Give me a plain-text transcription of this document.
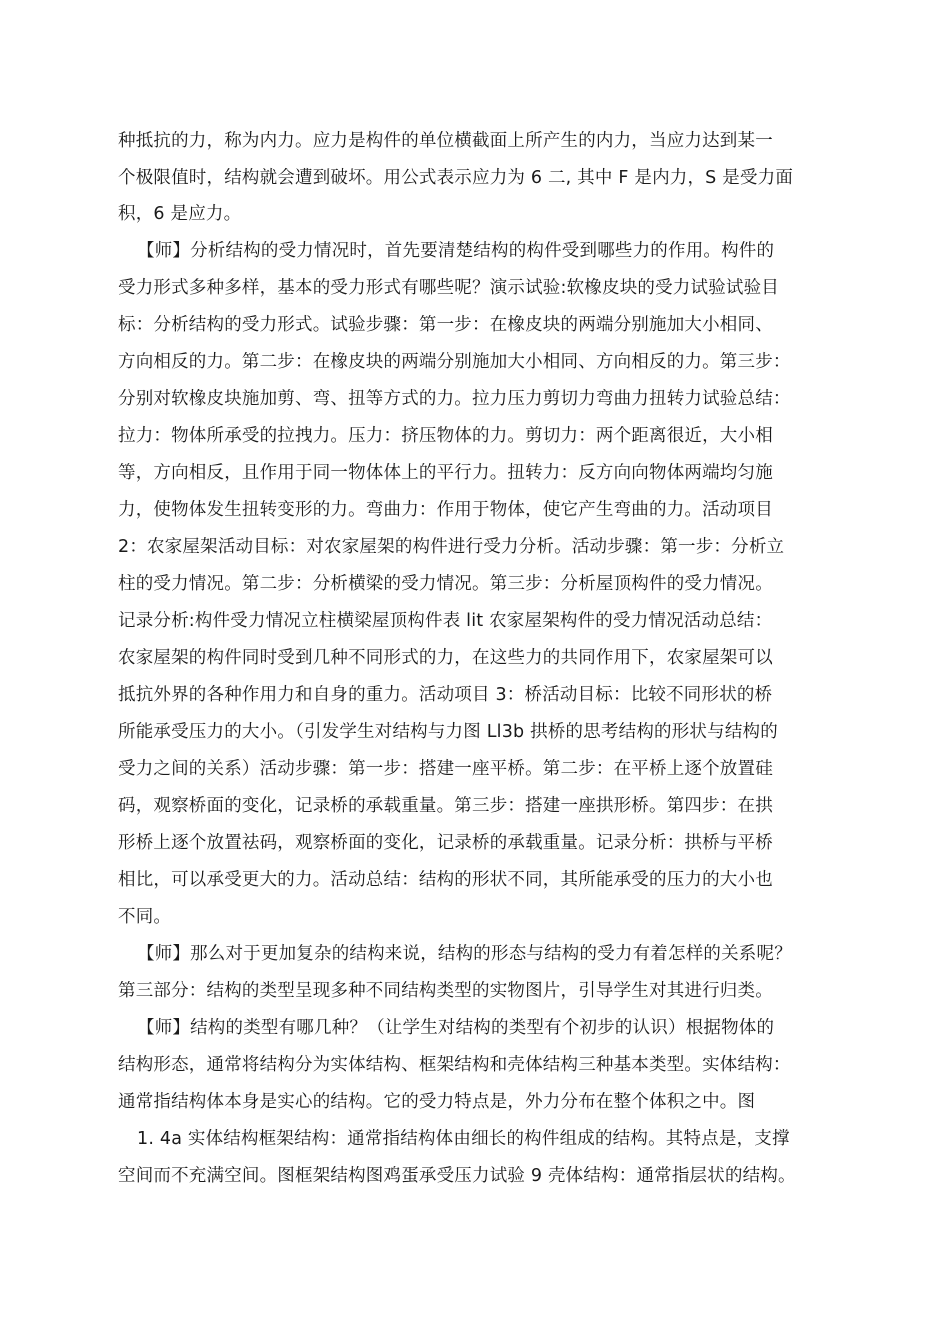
种抵抗的力，称为内力。应力是构件的单位横截面上所产生的内力，当应力达到某一
个极限值时，结构就会遭到破坏。用公式表示应力为 6 二, 其中 F 是内力，S 是受力面
积，6 是应力。
【师】分析结构的受力情况时，首先要清楚结构的构件受到哪些力的作用。构件的
受力形式多种多样，基本的受力形式有哪些呢？演示试验:软橡皮块的受力试验试验目
标：分析结构的受力形式。试验步骤：第一步：在橡皮块的两端分别施加大小相同、
方向相反的力。第二步：在橡皮块的两端分别施加大小相同、方向相反的力。第三步：
分别对软橡皮块施加剪、弯、扭等方式的力。拉力压力剪切力弯曲力扭转力试验总结：
拉力：物体所承受的拉拽力。压力：挤压物体的力。剪切力：两个距离很近，大小相
等，方向相反，且作用于同一物体体上的平行力。扭转力：反方向向物体两端均匀施
力，使物体发生扭转变形的力。弯曲力：作用于物体，使它产生弯曲的力。活动项目
2：农家屋架活动目标：对农家屋架的构件进行受力分析。活动步骤：第一步：分析立
柱的受力情况。第二步：分析横梁的受力情况。第三步：分析屋顶构件的受力情况。
记录分析:构件受力情况立柱横梁屋顶构件表 lit 农家屋架构件的受力情况活动总结：
农家屋架的构件同时受到几种不同形式的力，在这些力的共同作用下，农家屋架可以
抵抗外界的各种作用力和自身的重力。活动项目 3：桥活动目标：比较不同形状的桥
所能承受压力的大小。（引发学生对结构与力图 Ll3b 拱桥的思考结构的形状与结构的
受力之间的关系）活动步骤：第一步：搭建一座平桥。第二步：在平桥上逐个放置硅
码，观察桥面的变化，记录桥的承载重量。第三步：搭建一座拱形桥。第四步：在拱
形桥上逐个放置祛码，观察桥面的变化，记录桥的承载重量。记录分析：拱桥与平桥
相比，可以承受更大的力。活动总结：结构的形状不同，其所能承受的压力的大小也
不同。
【师】那么对于更加复杂的结构来说，结构的形态与结构的受力有着怎样的关系呢？
第三部分：结构的类型呈现多种不同结构类型的实物图片，引导学生对其进行归类。
【师】结构的类型有哪几种？（让学生对结构的类型有个初步的认识）根据物体的
结构形态，通常将结构分为实体结构、框架结构和壳体结构三种基本类型。实体结构：
通常指结构体本身是实心的结构。它的受力特点是，外力分布在整个体积之中。图
1. 4a 实体结构框架结构：通常指结构体由细长的构件组成的结构。其特点是，支撑
空间而不充满空间。图框架结构图鸡蛋承受压力试验 9 壳体结构：通常指层状的结构。
